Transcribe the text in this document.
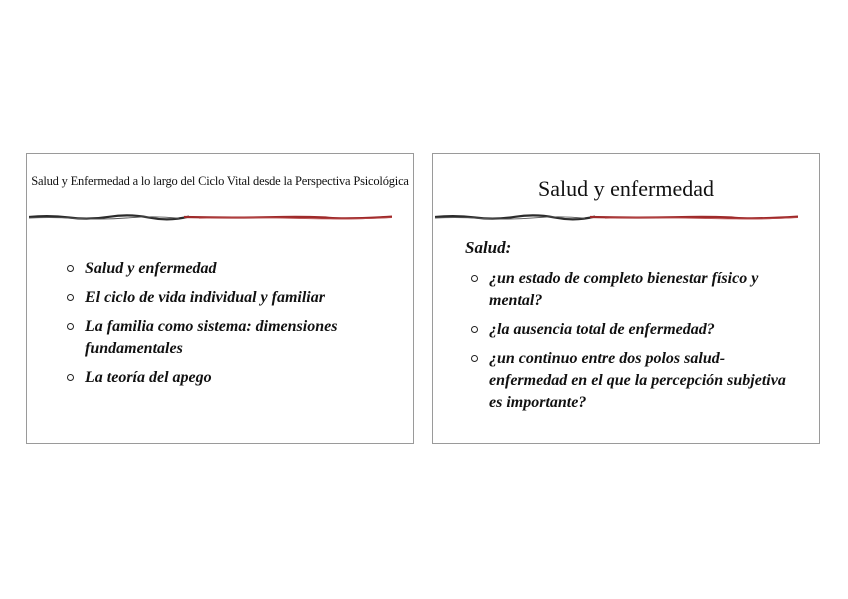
Salud y Enfermedad a lo largo del Ciclo Vital desde la Perspectiva Psicológica
Salud y enfermedad
El ciclo de vida individual y familiar
La familia como sistema: dimensiones fundamentales
La teoría del apego
Salud y enfermedad
Salud:
¿un estado de completo bienestar físico y mental?
¿la ausencia total de enfermedad?
¿un continuo entre dos polos salud-enfermedad en el que la percepción subjetiva es importante?
